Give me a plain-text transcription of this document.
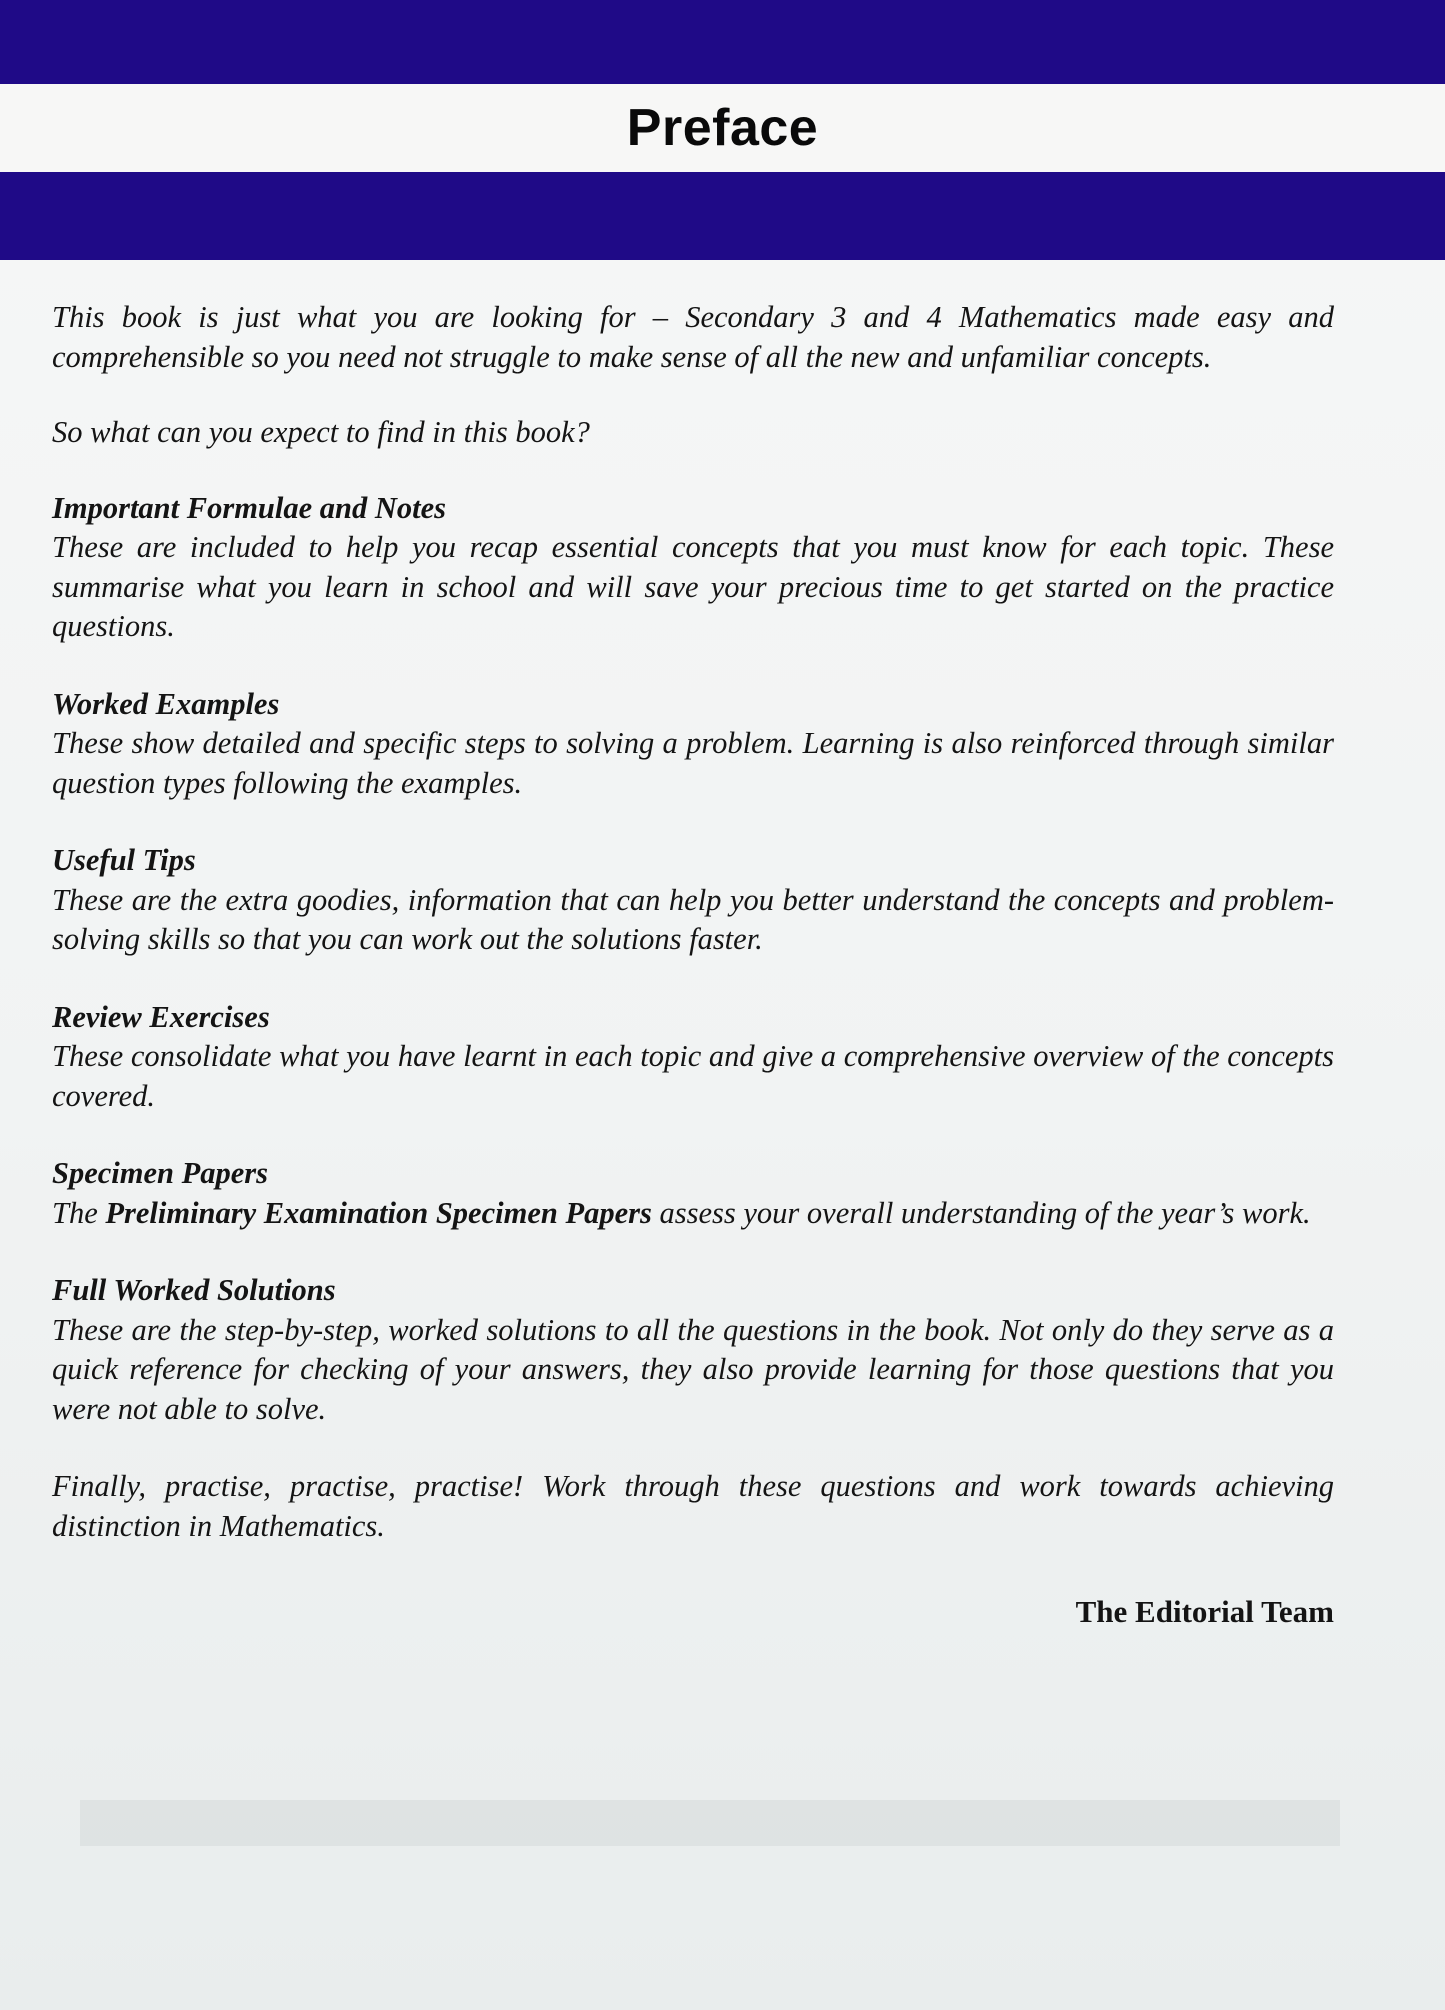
Preface

This book is just what you are looking for – Secondary 3 and 4 Mathematics made easy and comprehensible so you need not struggle to make sense of all the new and unfamiliar concepts.

So what can you expect to find in this book?

Important Formulae and Notes

These are included to help you recap essential concepts that you must know for each topic. These summarise what you learn in school and will save your precious time to get started on the practice questions.

Worked Examples

These show detailed and specific steps to solving a problem. Learning is also reinforced through similar question types following the examples.

Useful Tips

These are the extra goodies, information that can help you better understand the concepts and problem-solving skills so that you can work out the solutions faster.

Review Exercises

These consolidate what you have learnt in each topic and give a comprehensive overview of the concepts covered.

Specimen Papers

The Preliminary Examination Specimen Papers assess your overall understanding of the year’s work.

Full Worked Solutions

These are the step-by-step, worked solutions to all the questions in the book. Not only do they serve as a quick reference for checking of your answers, they also provide learning for those questions that you were not able to solve.

Finally, practise, practise, practise! Work through these questions and work towards achieving distinction in Mathematics.

The Editorial Team
